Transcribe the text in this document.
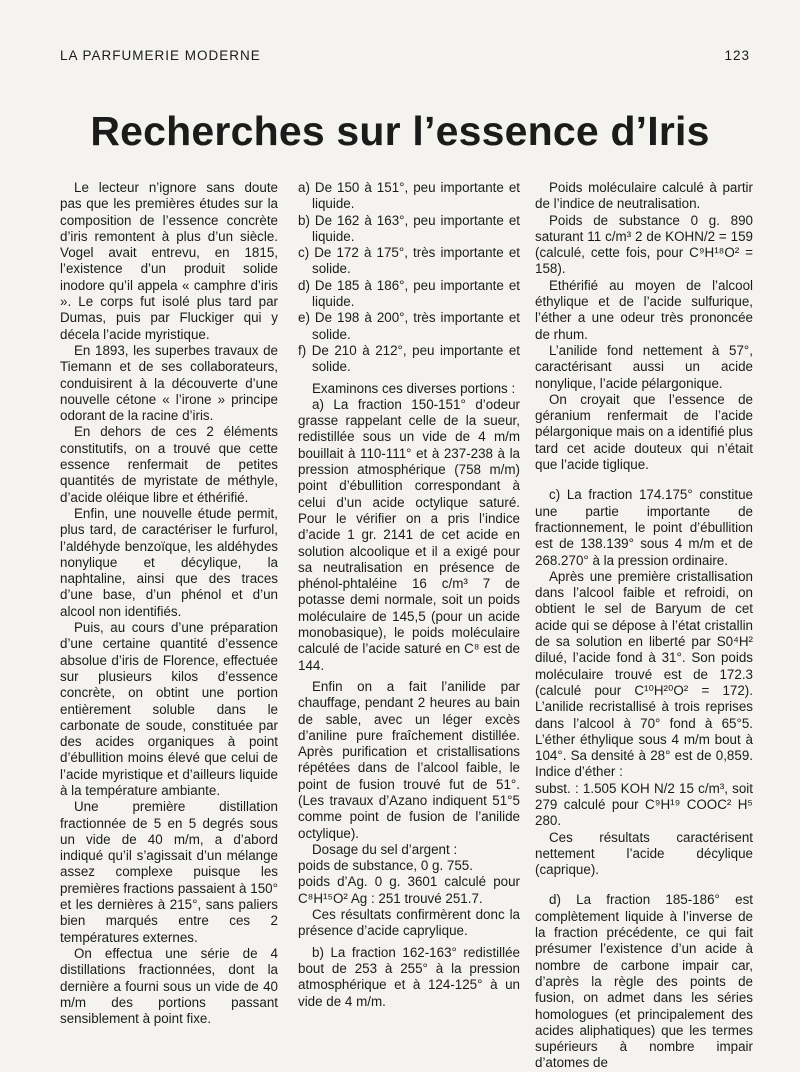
LA PARFUMERIE MODERNE	123
Recherches sur l’essence d’Iris

Le lecteur n’ignore sans doute pas que les premières études sur la composition de l’essence concrète d’iris remontent à plus d’un siècle. Vogel avait entrevu, en 1815, l’existence d’un produit solide inodore qu’il appela « camphre d’iris ». Le corps fut isolé plus tard par Dumas, puis par Fluckiger qui y décela l’acide myristique.

En 1893, les superbes travaux de Tiemann et de ses collaborateurs, conduisirent à la découverte d’une nouvelle cétone « l’irone » principe odorant de la racine d’iris.

En dehors de ces 2 éléments constitutifs, on a trouvé que cette essence renfermait de petites quantités de myristate de méthyle, d’acide oléique libre et éthérifié.

Enfin, une nouvelle étude permit, plus tard, de caractériser le furfurol, l’aldéhyde benzoïque, les aldéhydes nonylique et décylique, la naphtaline, ainsi que des traces d’une base, d’un phénol et d’un alcool non identifiés.

Puis, au cours d’une préparation d’une certaine quantité d’essence absolue d’iris de Florence, effectuée sur plusieurs kilos d’essence concrète, on obtint une portion entièrement soluble dans le carbonate de soude, constituée par des acides organiques à point d’ébullition moins élevé que celui de l’acide myristique et d’ailleurs liquide à la température ambiante.

Une première distillation fractionnée de 5 en 5 degrés sous un vide de 40 m/m, a d’abord indiqué qu’il s’agissait d’un mélange assez complexe puisque les premières fractions passaient à 150° et les dernières à 215°, sans paliers bien marqués entre ces 2 températures externes.

On effectua une série de 4 distillations fractionnées, dont la dernière a fourni sous un vide de 40 m/m des portions passant sensiblement à point fixe.

a) De 150 à 151°, peu importante et liquide.

b) De 162 à 163°, peu importante et liquide.

c) De 172 à 175°, très importante et solide.

d) De 185 à 186°, peu importante et liquide.

e) De 198 à 200°, très importante et solide.

f) De 210 à 212°, peu importante et solide.

Examinons ces diverses portions :

a) La fraction 150-151° d’odeur grasse rappelant celle de la sueur, redistillée sous un vide de 4 m/m bouillait à 110-111° et à 237-238 à la pression atmosphérique (758 m/m) point d’ébullition correspondant à celui d’un acide octylique saturé. Pour le vérifier on a pris l’indice d’acide 1 gr. 2141 de cet acide en solution alcoolique et il a exigé pour sa neutralisation en présence de phénol-phtaléine 16 c/m³ 7 de potasse demi normale, soit un poids moléculaire de 145,5 (pour un acide monobasique), le poids moléculaire calculé de l’acide saturé en C⁸ est de 144.

Enfin on a fait l’anilide par chauffage, pendant 2 heures au bain de sable, avec un léger excès d’aniline pure fraîchement distillée. Après purification et cristallisations répétées dans de l’alcool faible, le point de fusion trouvé fut de 51°. (Les travaux d’Azano indiquent 51°5 comme point de fusion de l’anilide octylique).

Dosage du sel d’argent :

poids de substance, 0 g. 755.

poids d’Ag. 0 g. 3601 calculé pour C⁸H¹⁵O² Ag : 251 trouvé 251.7.

Ces résultats confirmèrent donc la présence d’acide caprylique.

b) La fraction 162-163° redistillée bout de 253 à 255° à la pression atmosphérique et à 124-125° à un vide de 4 m/m.

Poids moléculaire calculé à partir de l’indice de neutralisation.

Poids de substance 0 g. 890 saturant 11 c/m³ 2 de KOHN/2 = 159 (calculé, cette fois, pour C⁹H¹⁸O² = 158).

Ethérifié au moyen de l’alcool éthylique et de l’acide sulfurique, l’éther a une odeur très prononcée de rhum.

L’anilide fond nettement à 57°, caractérisant aussi un acide nonylique, l’acide pélargonique.

On croyait que l’essence de géranium renfermait de l’acide pélargonique mais on a identifié plus tard cet acide douteux qui n’était que l’acide tiglique.

c) La fraction 174.175° constitue une partie importante de fractionnement, le point d’ébullition est de 138.139° sous 4 m/m et de 268.270° à la pression ordinaire.

Après une première cristallisation dans l’alcool faible et refroidi, on obtient le sel de Baryum de cet acide qui se dépose à l’état cristallin de sa solution en liberté par S0⁴H² dilué, l’acide fond à 31°. Son poids moléculaire trouvé est de 172.3 (calculé pour C¹⁰H²⁰O² = 172). L’anilide recristallisé à trois reprises dans l’alcool à 70° fond à 65°5. L’éther éthylique sous 4 m/m bout à 104°. Sa densité à 28° est de 0,859. Indice d’éther :

subst. : 1.505 KOH N/2 15 c/m³, soit 279 calculé pour C⁹H¹⁹ COOC² H⁵ 280.

Ces résultats caractérisent nettement l’acide décylique (caprique).

d) La fraction 185-186° est complètement liquide à l’inverse de la fraction précédente, ce qui fait présumer l’existence d’un acide à nombre de carbone impair car, d’après la règle des points de fusion, on admet dans les séries homologues (et principalement des acides aliphatiques) que les termes supérieurs à nombre impair d’atomes de
